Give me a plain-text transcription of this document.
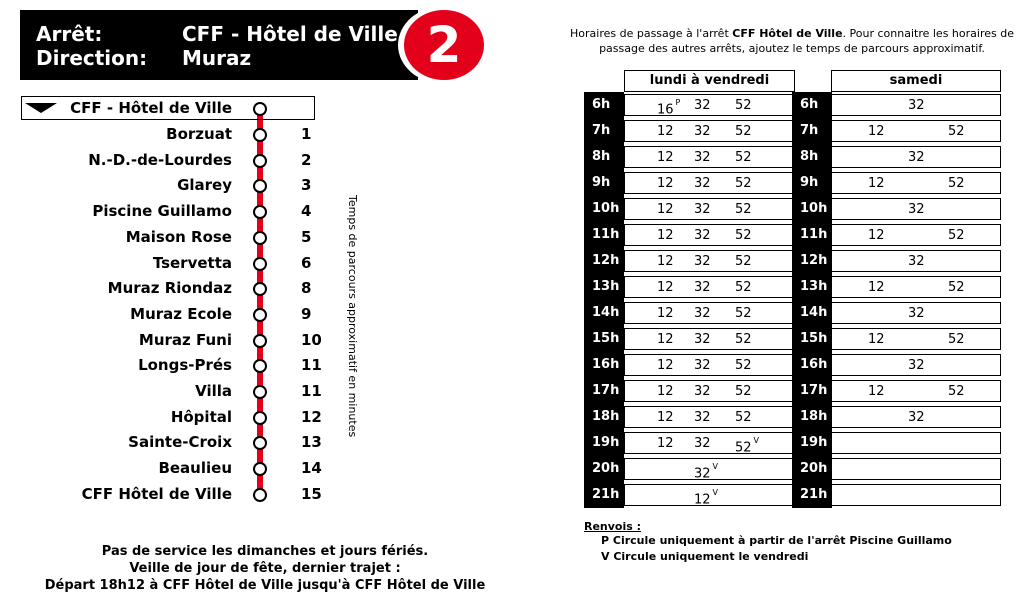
Arrêt:	CFF - Hôtel de Ville
Direction: Muraz	2
CFF - Hôtel de Ville
Borzuat	1
N.-D.-de-Lourdes	2
Glarey	3
Piscine Guillamo	4
Maison Rose	5
Tservetta	6
Muraz Riondaz	8
Muraz Ecole	9
Muraz Funi	10
Longs-Prés	11
Villa	11
Hôpital	12
Sainte-Croix	13
Beaulieu	14
CFF Hôtel de Ville	15
Temps de parcours approximatif en minutes
Pas de service les dimanches et jours fériés.
Veille de jour de fête, dernier trajet :
Départ 18h12 à CFF Hôtel de Ville jusqu'à CFF Hôtel de Ville
Horaires de passage à l'arrêt CFF Hôtel de Ville. Pour connaitre les horaires de passage des autres arrêts, ajoutez le temps de parcours approximatif.
lundi à vendredi	samedi
6h	16 $^P$ 32 52	6h	32
7h	12 32 52	7h	12	52
8h	12 32 52	8h	32
9h	12 32 52	9h	12	52
10h	12 32 52	10h	32
11h	12 32 52	11h	12	52
12h	12 32 52	12h	32
13h	12 32 52	13h	12	52
14h	12 32 52	14h	32
15h	12 32 52	15h	12	52
16h	12 32 52	16h	32
17h	12 32 52	17h	12	52
18h	12 32 52	18h	32
19h	12 32 52 $^V$	19h
20h	32 $^V$	20h
21h	12 $^V$	21h
Renvois :
P Circule uniquement à partir de l'arrêt Piscine Guillamo
V Circule uniquement le vendredi
